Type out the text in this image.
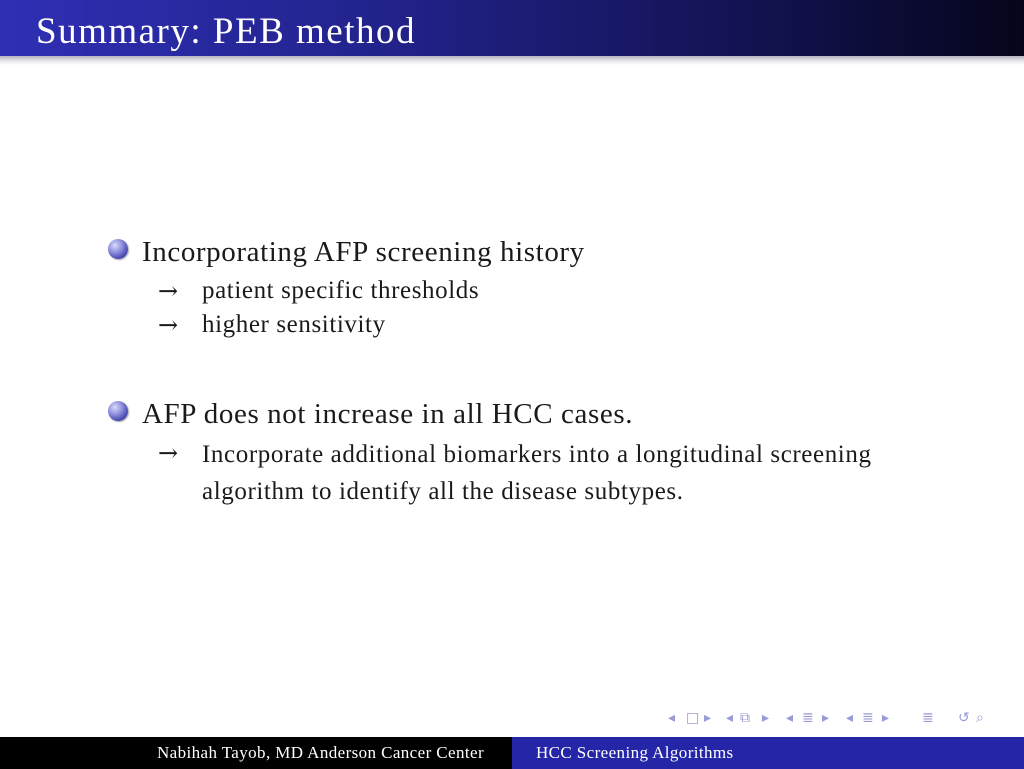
Summary: PEB method
Incorporating AFP screening history
→ patient specific thresholds
→ higher sensitivity
AFP does not increase in all HCC cases.
→ Incorporate additional biomarkers into a longitudinal screening algorithm to identify all the disease subtypes.
◂ □ ▸ ◂ ⧉ ▸ ◂ ≣ ▸ ◂ ≣ ▸ ≣ ↺ ⌕
Nabihah Tayob, MD Anderson Cancer Center	HCC Screening Algorithms
